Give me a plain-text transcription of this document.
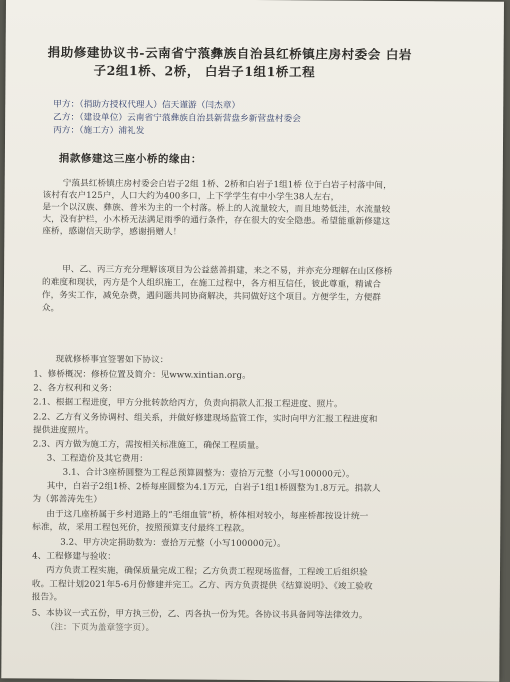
捐助修建协议书-云南省宁蒗彝族自治县红桥镇庄房村委会 白岩
子2组1桥、2桥， 白岩子1组1桥工程
甲方：（捐助方授权代理人）信天谨游（闫杰章）
乙方：（建设单位）云南省宁蒗彝族自治县新营盘乡新营盘村委会
丙方：（施工方）浦礼发
捐款修建这三座小桥的缘由：
宁蒗县红桥镇庄房村委会白岩子2组 1桥、2桥和白岩子1组1桥 位于白岩子村落中间，
该村有农户125户，人口大约为400多口，上下学学生有中小学生38人左右，
是一个以汉族、彝族、普米为主的一个村落。桥上的人流量较大，而且地势低洼，水流量较
大，没有护栏，小木桥无法满足雨季的通行条件，存在很大的安全隐患。希望能重新修建这
座桥，感谢信天助学，感谢捐赠人！
甲、乙、丙三方充分理解该项目为公益慈善捐建，来之不易，并亦充分理解在山区修桥
的难度和现状，丙方是个人组织施工，在施工过程中，各方相互信任，彼此尊重，精诚合
作，务实工作，减免杂费，遇问题共同协商解决，共同做好这个项目。方便学生，方便群
众。
现就修桥事宜签署如下协议：
1、修桥概况：修桥位置及简介：见www.xintian.org。
2、各方权利和义务：
2.1、根据工程进度，甲方分批转款给丙方，负责向捐款人汇报工程进度、照片。
2.2、乙方有义务协调村、组关系，并做好修建现场监管工作，实时向甲方汇报工程进度和
提供进度照片。
2.3、丙方做为施工方，需按相关标准施工，确保工程质量。
3、工程造价及其它费用：
3.1、合计3座桥圆整为工程总预算圆整为：壹拾万元整（小写100000元）。
其中，白岩子2组1桥、2桥每座圆整为4.1万元，白岩子1组1桥圆整为1.8万元。捐款人
为（郭善涛先生）
由于这几座桥属于乡村道路上的“毛细血管”桥，桥体相对较小，每座桥都按设计统一
标准，故，采用工程包死价，按照预算支付最终工程款。
3.2、甲方决定捐助数为：壹拾万元整（小写100000元）。
4、工程修建与验收：
丙方负责工程实施，确保质量完成工程；乙方负责工程现场监督，工程竣工后组织验
收。工程计划2021年5-6月份修建并完工。乙方、丙方负责提供《结算说明》、《竣工验收
报告》。
5、本协议一式五份，甲方执三份，乙、丙各执一份为凭。各协议书具备同等法律效力。
（注：下页为盖章签字页）。
